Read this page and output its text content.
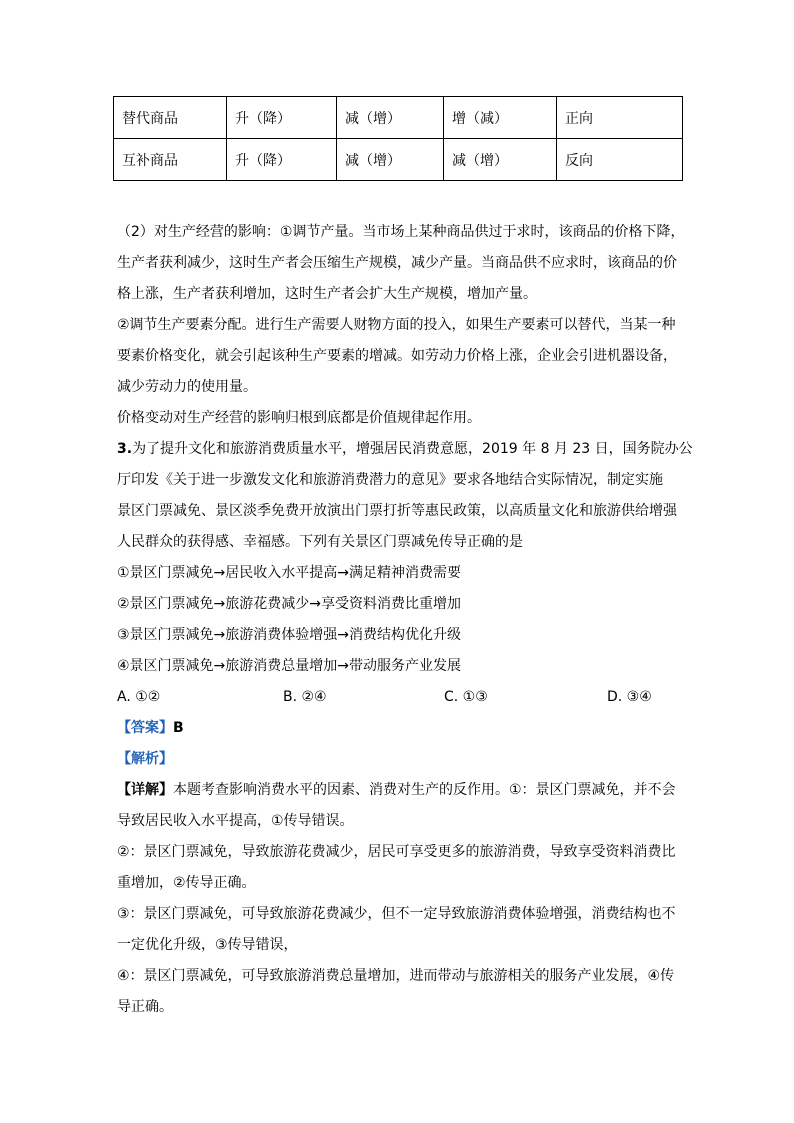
替代商品	升（降）	减（增）	增（减）	正向
互补商品	升（降）	减（增）	减（增）	反向
（2）对生产经营的影响：①调节产量。当市场上某种商品供过于求时，该商品的价格下降，
生产者获利减少，这时生产者会压缩生产规模，减少产量。当商品供不应求时，该商品的价
格上涨，生产者获利增加，这时生产者会扩大生产规模，增加产量。
②调节生产要素分配。进行生产需要人财物方面的投入，如果生产要素可以替代，当某一种
要素价格变化，就会引起该种生产要素的增减。如劳动力价格上涨，企业会引进机器设备，
减少劳动力的使用量。
价格变动对生产经营的影响归根到底都是价值规律起作用。
3.为了提升文化和旅游消费质量水平，增强居民消费意愿，2019 年 8 月 23 日，国务院办公
厅印发《关于进一步激发文化和旅游消费潜力的意见》要求各地结合实际情况，制定实施
景区门票减免、景区淡季免费开放演出门票打折等惠民政策，以高质量文化和旅游供给增强
人民群众的获得感、幸福感。下列有关景区门票减免传导正确的是
①景区门票减免→居民收入水平提高→满足精神消费需要
②景区门票减免→旅游花费减少→享受资料消费比重增加
③景区门票减免→旅游消费体验增强→消费结构优化升级
④景区门票减免→旅游消费总量增加→带动服务产业发展
A. ①②	B. ②④	C. ①③	D. ③④
【答案】B
【解析】
【详解】本题考查影响消费水平的因素、消费对生产的反作用。①：景区门票减免，并不会
导致居民收入水平提高，①传导错误。
②：景区门票减免，导致旅游花费减少，居民可享受更多的旅游消费，导致享受资料消费比
重增加，②传导正确。
③：景区门票减免，可导致旅游花费减少，但不一定导致旅游消费体验增强，消费结构也不
一定优化升级，③传导错误，
④：景区门票减免，可导致旅游消费总量增加，进而带动与旅游相关的服务产业发展，④传
导正确。
